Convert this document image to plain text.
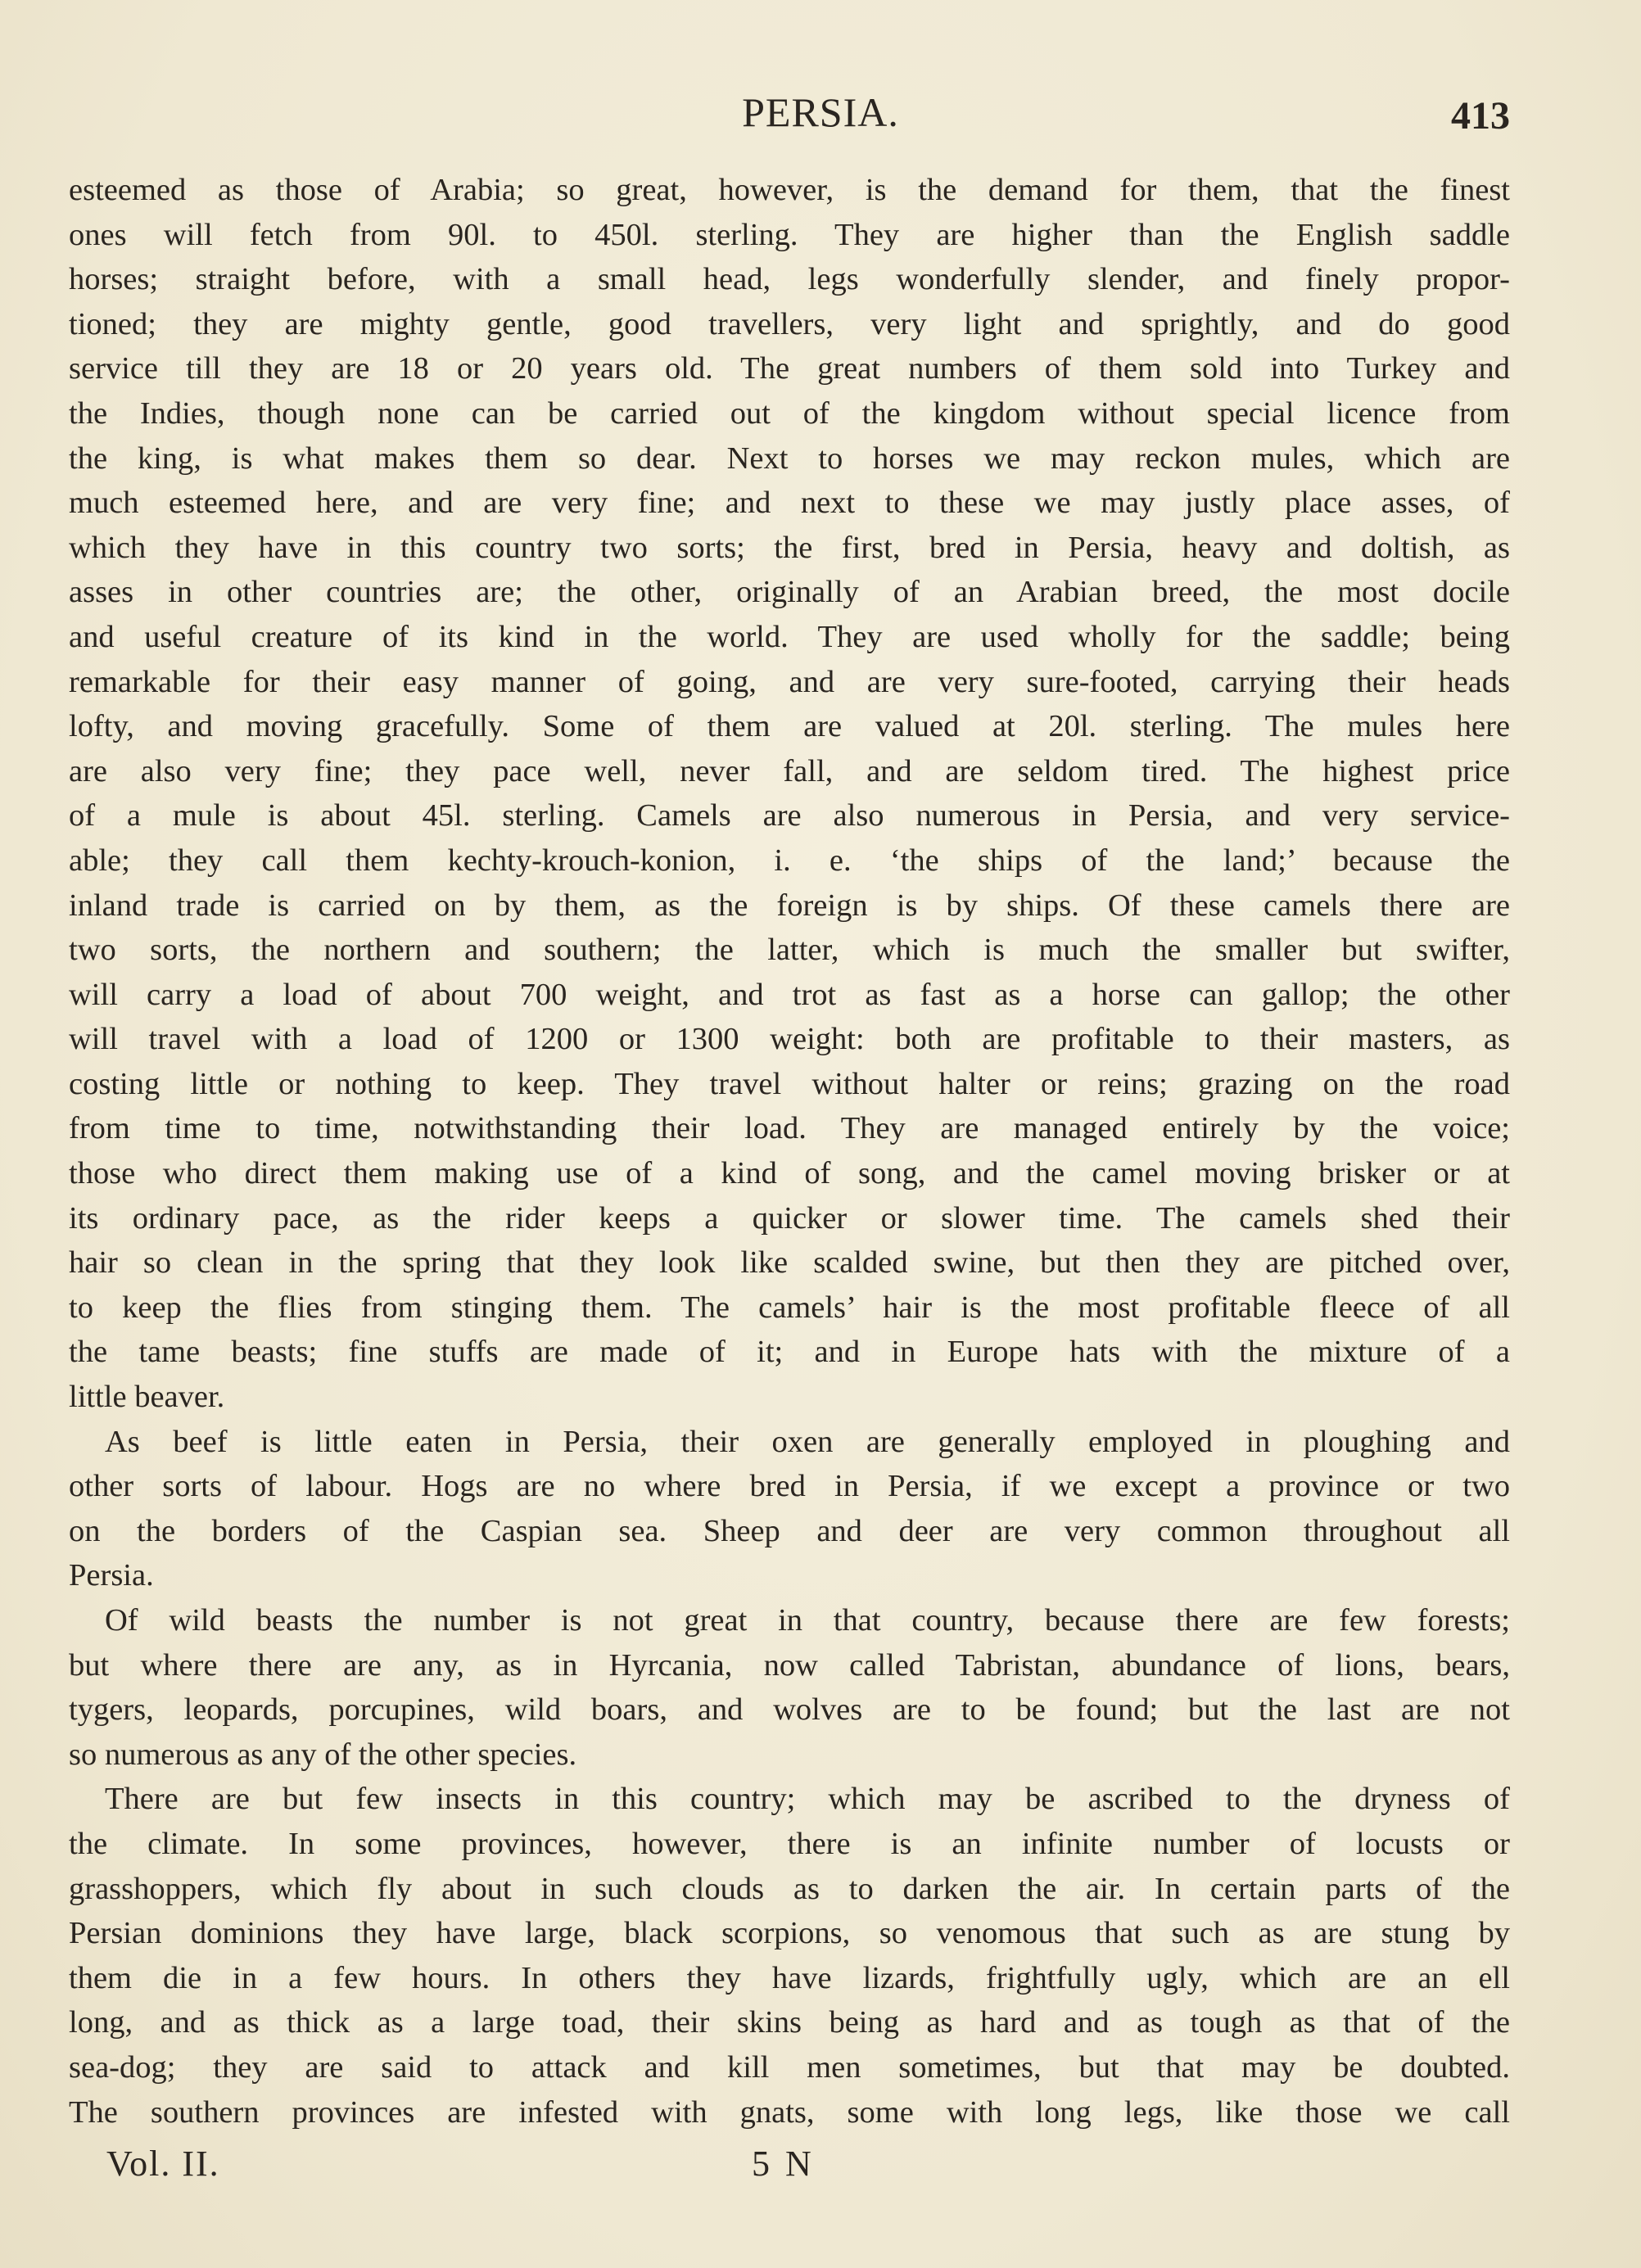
PERSIA.	413
esteemed as those of Arabia; so great, however, is the demand for them, that the finest
ones will fetch from 90l. to 450l. sterling. They are higher than the English saddle
horses; straight before, with a small head, legs wonderfully slender, and finely propor-
tioned; they are mighty gentle, good travellers, very light and sprightly, and do good
service till they are 18 or 20 years old. The great numbers of them sold into Turkey and
the Indies, though none can be carried out of the kingdom without special licence from
the king, is what makes them so dear. Next to horses we may reckon mules, which are
much esteemed here, and are very fine; and next to these we may justly place asses, of
which they have in this country two sorts; the first, bred in Persia, heavy and doltish, as
asses in other countries are; the other, originally of an Arabian breed, the most docile
and useful creature of its kind in the world. They are used wholly for the saddle; being
remarkable for their easy manner of going, and are very sure-footed, carrying their heads
lofty, and moving gracefully. Some of them are valued at 20l. sterling. The mules here
are also very fine; they pace well, never fall, and are seldom tired. The highest price
of a mule is about 45l. sterling. Camels are also numerous in Persia, and very service-
able; they call them kechty-krouch-konion, i. e. ‘the ships of the land;’ because the
inland trade is carried on by them, as the foreign is by ships. Of these camels there are
two sorts, the northern and southern; the latter, which is much the smaller but swifter,
will carry a load of about 700 weight, and trot as fast as a horse can gallop; the other
will travel with a load of 1200 or 1300 weight: both are profitable to their masters, as
costing little or nothing to keep. They travel without halter or reins; grazing on the road
from time to time, notwithstanding their load. They are managed entirely by the voice;
those who direct them making use of a kind of song, and the camel moving brisker or at
its ordinary pace, as the rider keeps a quicker or slower time. The camels shed their
hair so clean in the spring that they look like scalded swine, but then they are pitched over,
to keep the flies from stinging them. The camels’ hair is the most profitable fleece of all
the tame beasts; fine stuffs are made of it; and in Europe hats with the mixture of a
little beaver.
As beef is little eaten in Persia, their oxen are generally employed in ploughing and
other sorts of labour. Hogs are no where bred in Persia, if we except a province or two
on the borders of the Caspian sea. Sheep and deer are very common throughout all
Persia.
Of wild beasts the number is not great in that country, because there are few forests;
but where there are any, as in Hyrcania, now called Tabristan, abundance of lions, bears,
tygers, leopards, porcupines, wild boars, and wolves are to be found; but the last are not
so numerous as any of the other species.
There are but few insects in this country; which may be ascribed to the dryness of
the climate. In some provinces, however, there is an infinite number of locusts or
grasshoppers, which fly about in such clouds as to darken the air. In certain parts of the
Persian dominions they have large, black scorpions, so venomous that such as are stung by
them die in a few hours. In others they have lizards, frightfully ugly, which are an ell
long, and as thick as a large toad, their skins being as hard and as tough as that of the
sea-dog; they are said to attack and kill men sometimes, but that may be doubted.
The southern provinces are infested with gnats, some with long legs, like those we call
Vol. II.	5 N
